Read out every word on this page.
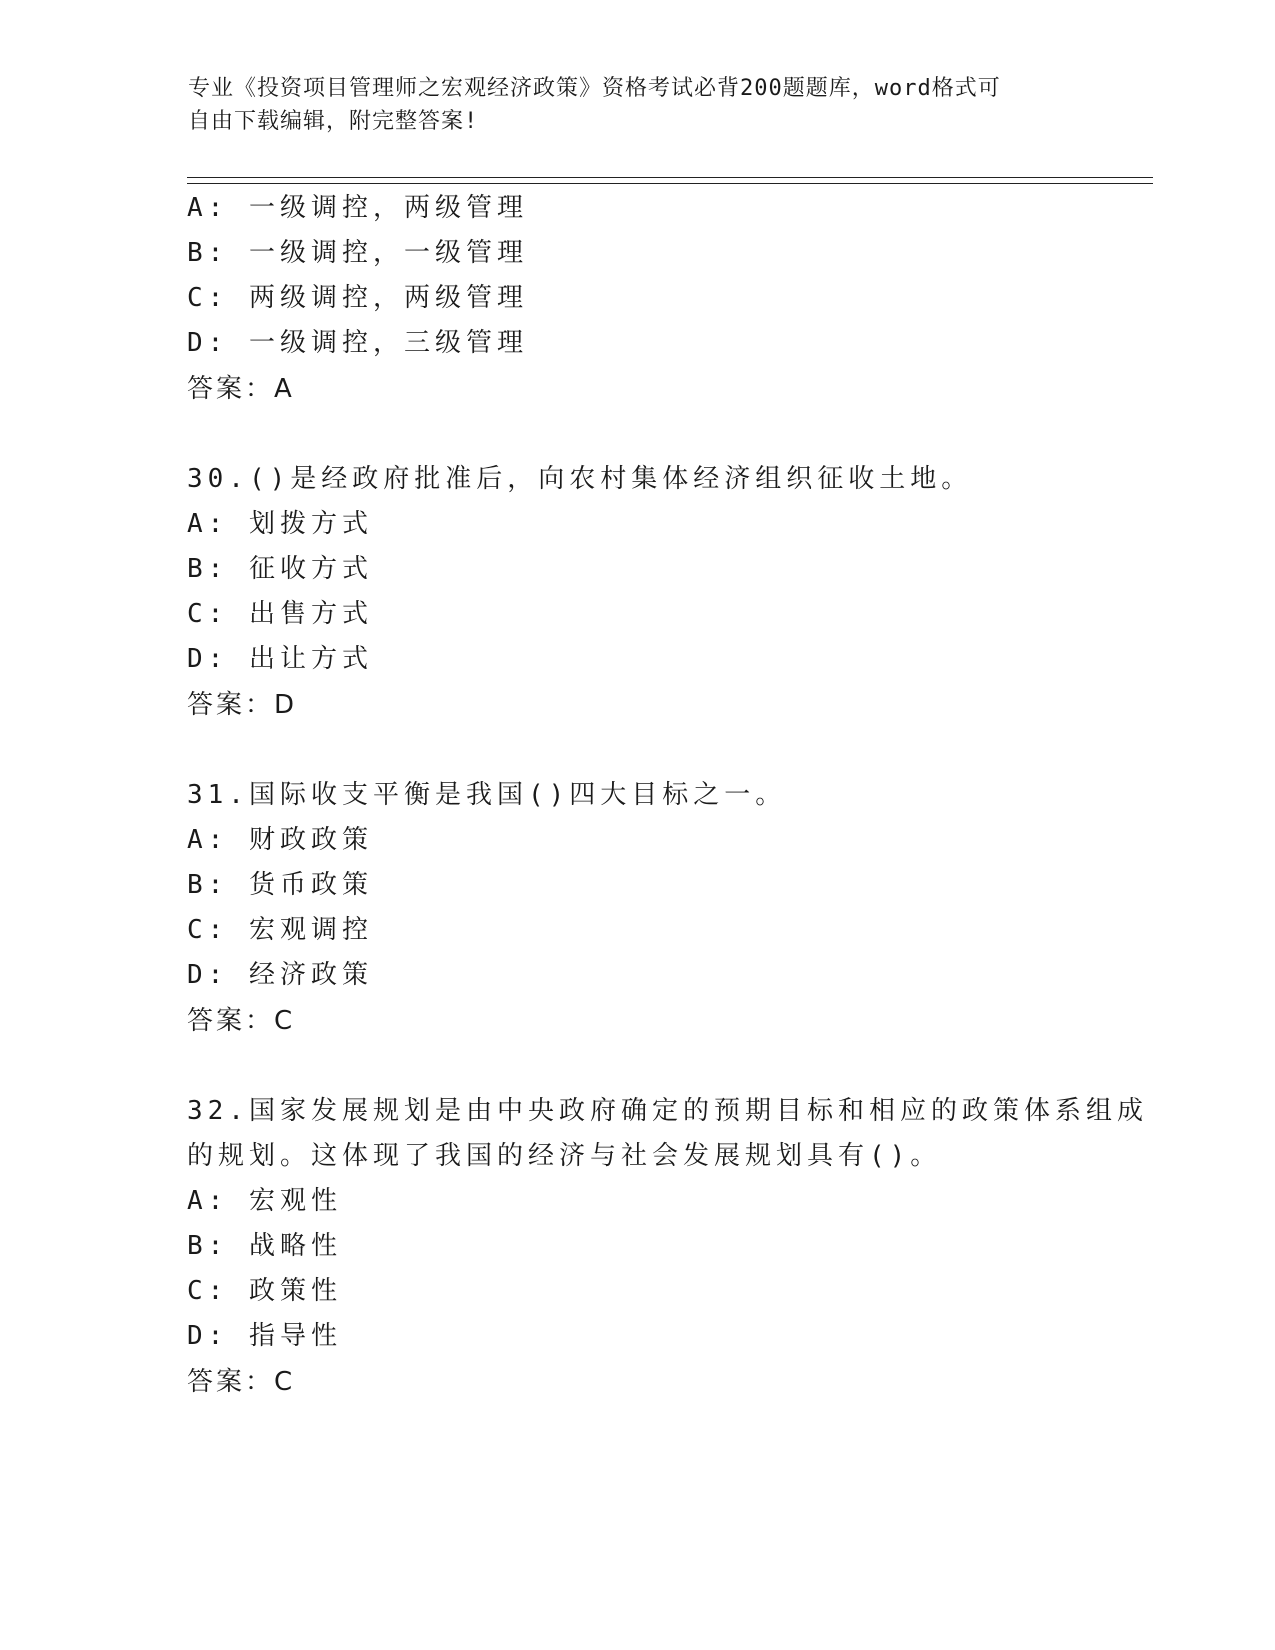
专业《投资项目管理师之宏观经济政策》资格考试必背200题题库，word格式可
自由下载编辑，附完整答案!
A: 一级调控，两级管理
B: 一级调控，一级管理
C: 两级调控，两级管理
D: 一级调控，三级管理
答案：A
30.()是经政府批准后，向农村集体经济组织征收土地。
A: 划拨方式
B: 征收方式
C: 出售方式
D: 出让方式
答案：D
31.国际收支平衡是我国()四大目标之一。
A: 财政政策
B: 货币政策
C: 宏观调控
D: 经济政策
答案：C
32.国家发展规划是由中央政府确定的预期目标和相应的政策体系组成
的规划。这体现了我国的经济与社会发展规划具有()。
A: 宏观性
B: 战略性
C: 政策性
D: 指导性
答案：C
